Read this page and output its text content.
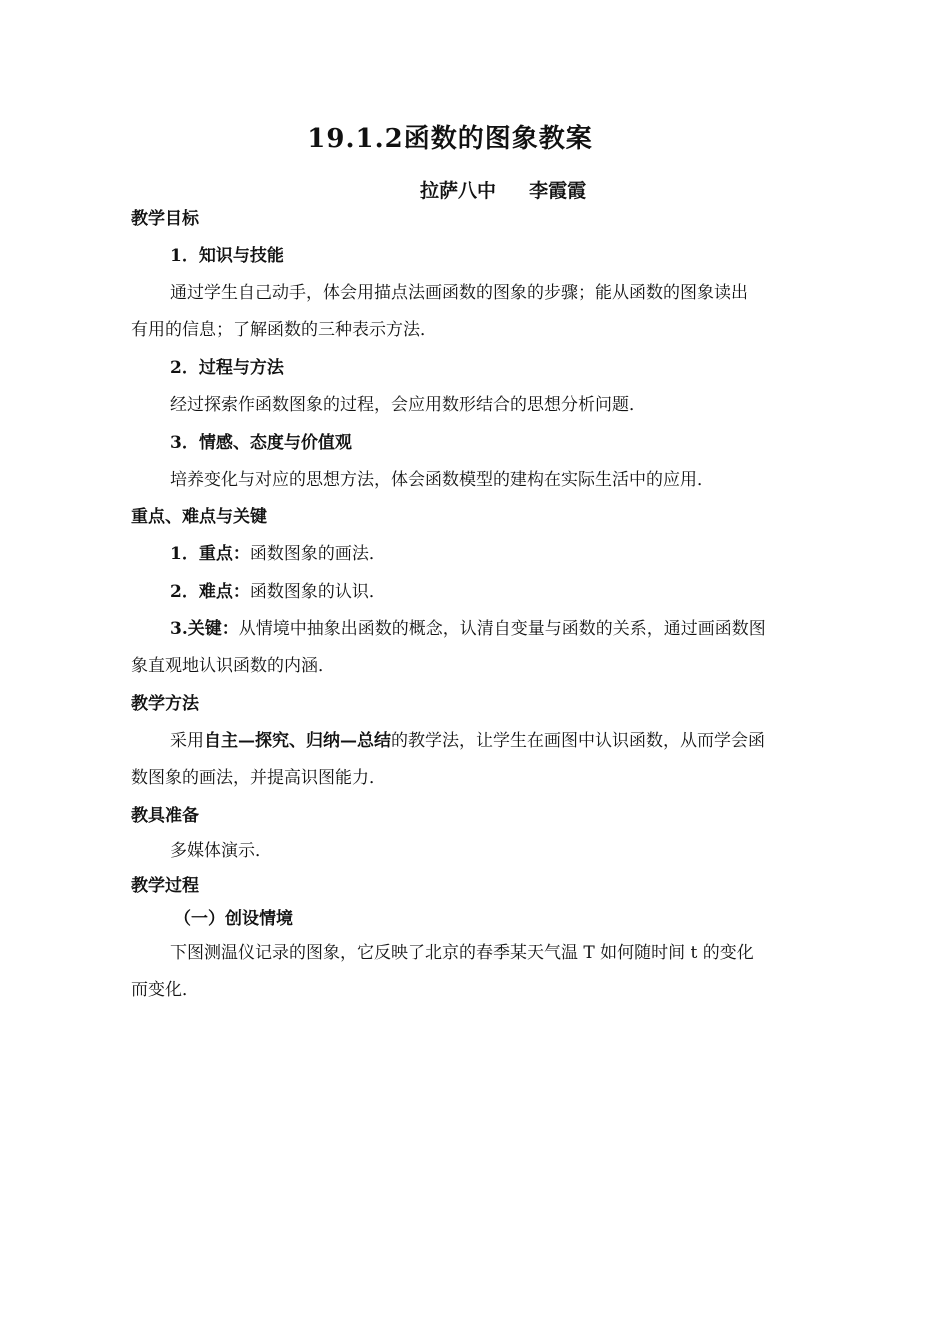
19.1.2函数的图象教案
拉萨八中     李霞霞
教学目标
1．知识与技能
通过学生自己动手，体会用描点法画函数的图象的步骤；能从函数的图象读出
有用的信息；了解函数的三种表示方法．
2．过程与方法
经过探索作函数图象的过程，会应用数形结合的思想分析问题．
3．情感、态度与价值观
培养变化与对应的思想方法，体会函数模型的建构在实际生活中的应用．
重点、难点与关键
1．重点：函数图象的画法．
2．难点：函数图象的认识．
3.关键：从情境中抽象出函数的概念，认清自变量与函数的关系，通过画函数图
象直观地认识函数的内涵．
教学方法
采用自主—探究、归纳—总结的教学法，让学生在画图中认识函数，从而学会函
数图象的画法，并提高识图能力．
教具准备
多媒体演示．
教学过程
（一）创设情境
下图测温仪记录的图象，它反映了北京的春季某天气温 T 如何随时间 t 的变化
而变化．
